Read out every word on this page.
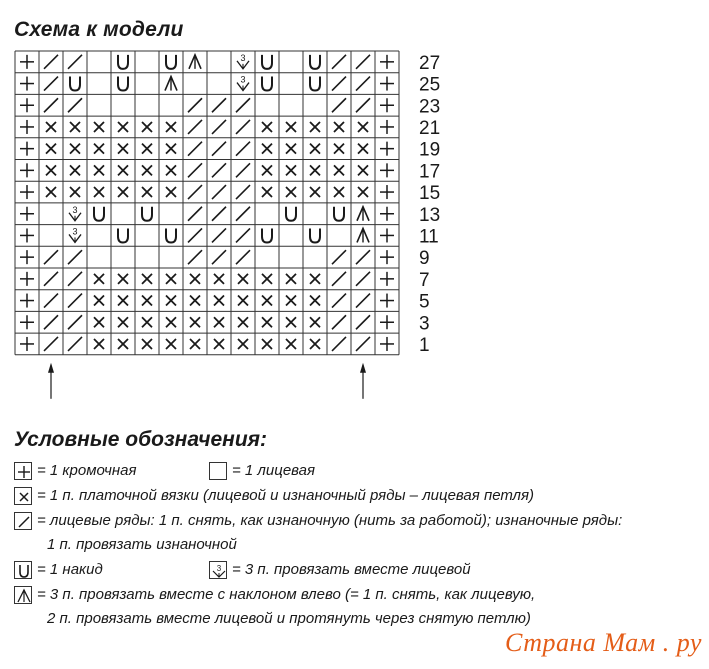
Схема к модели
3	27
3	25
23
21
19
17
15
3	13
3	11
9
7
5
3
1
Условные обозначения:
= 1 кромочная	= 1 лицевая
= 1 п. платочной вязки (лицевой и изнаночный ряды – лицевая петля)
= лицевые ряды: 1 п. снять, как изнаночную (нить за работой); изнаночные ряды:
1 п. провязать изнаночной
= 1 накид	3 = 3 п. провязать вместе лицевой
= 3 п. провязать вместе с наклоном влево (= 1 п. снять, как лицевую,
2 п. провязать вместе лицевой и протянуть через снятую петлю)
Страна Мам . ру
